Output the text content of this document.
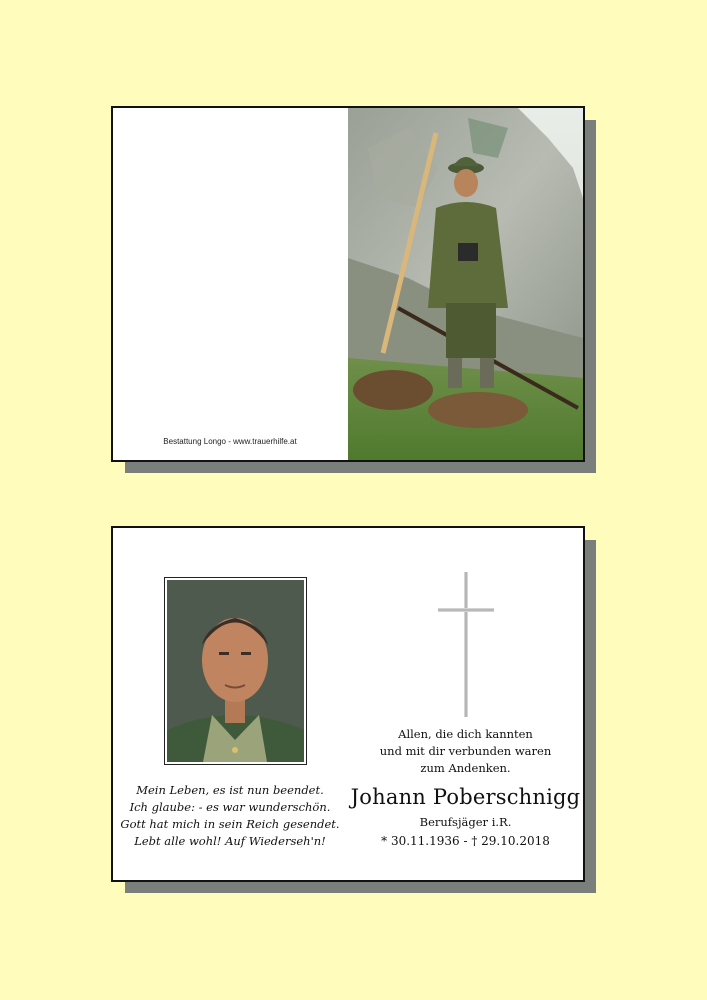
Bestattung Longo - www.trauerhilfe.at
Mein Leben, es ist nun beendet.
Ich glaube: - es war wunderschön.
Gott hat mich in sein Reich gesendet.
Lebt alle wohl! Auf Wiederseh'n!
Allen, die dich kannten
und mit dir verbunden waren
zum Andenken.
Johann Poberschnigg
Berufsjäger i.R.
* 30.11.1936 - † 29.10.2018
